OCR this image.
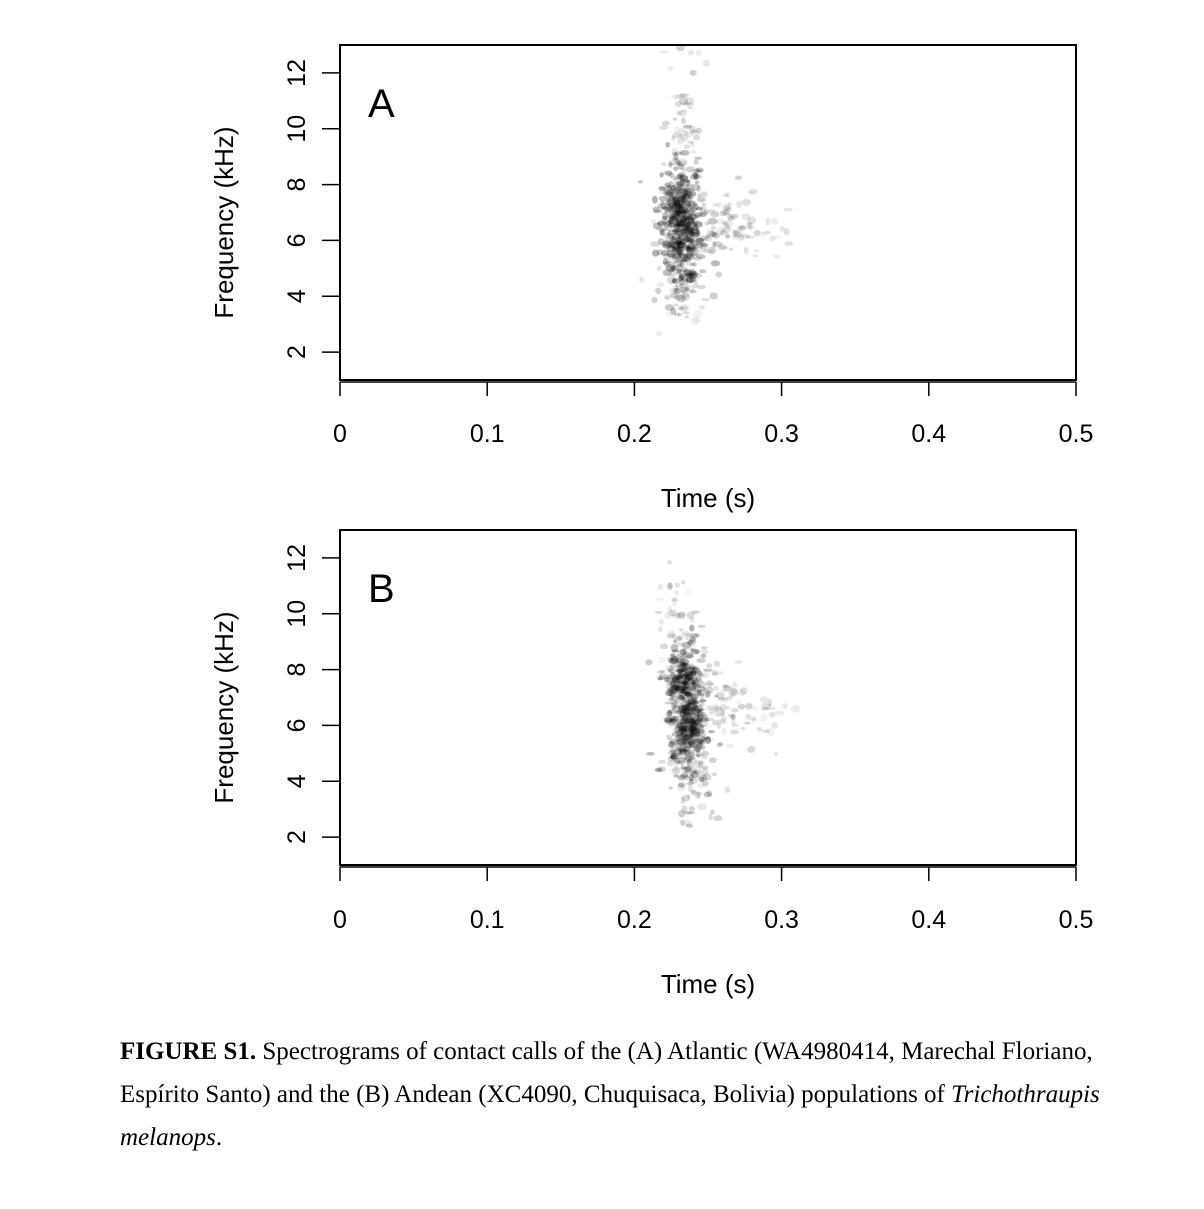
2
4
6
8
10
12
Frequency (kHz)
0	0.1	0.2	0.3	0.4	0.5
Time (s)
A
2
4
6
8
10
12
Frequency (kHz)
0	0.1	0.2	0.3	0.4	0.5
Time (s)
B
FIGURE S1. Spectrograms of contact calls of the (A) Atlantic (WA4980414, Marechal Floriano, Espírito Santo) and the (B) Andean (XC4090, Chuquisaca, Bolivia) populations of Trichothraupis melanops.
